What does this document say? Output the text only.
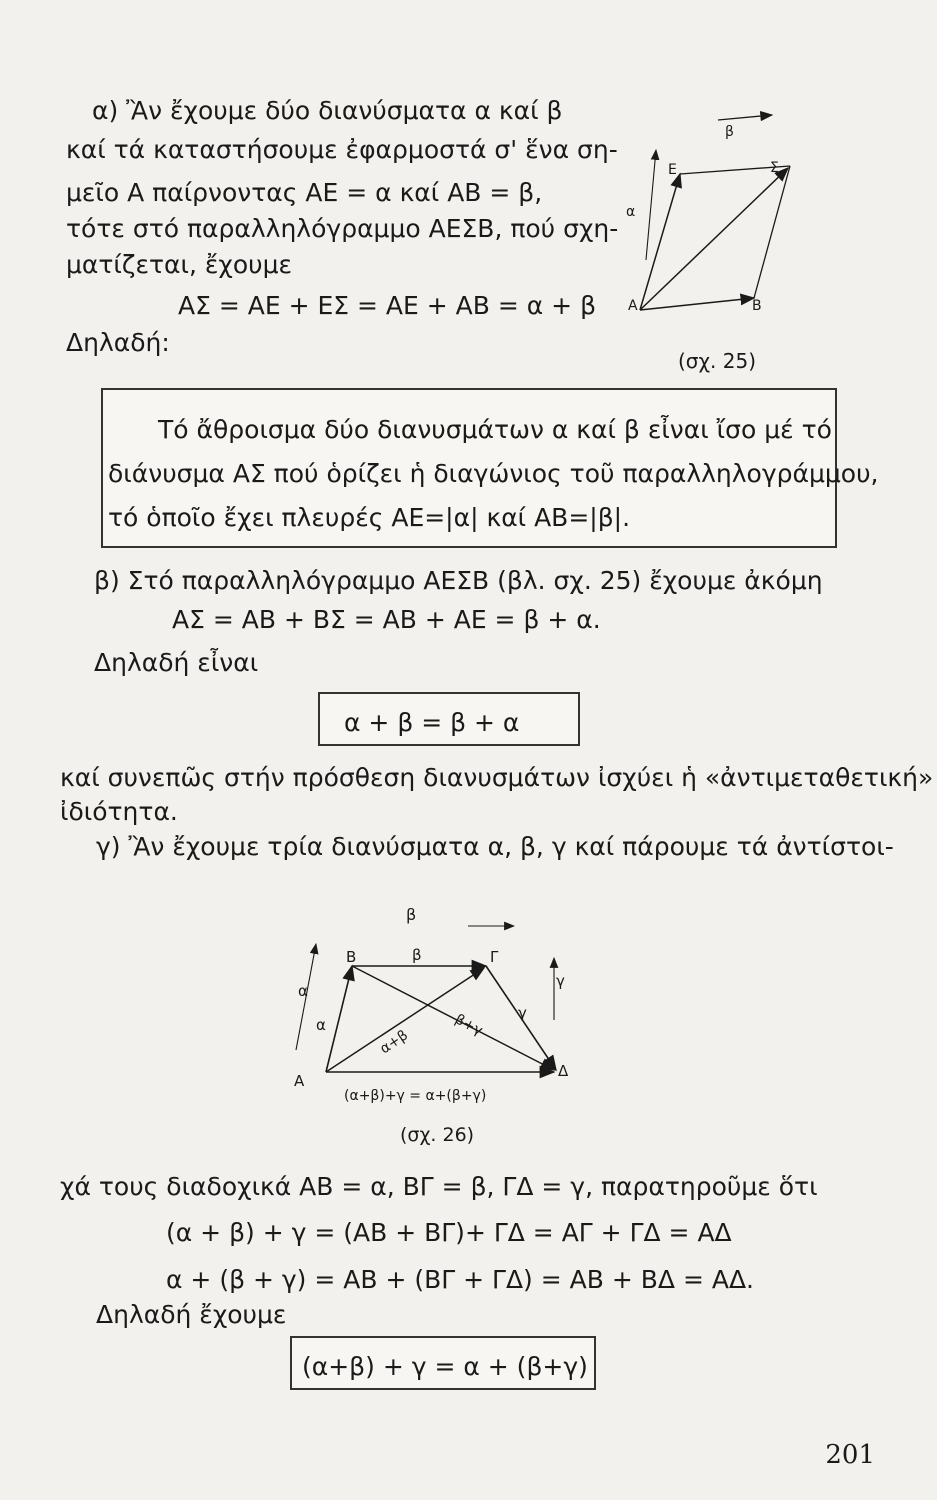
α) Ἂν ἔχουμε δύο διανύσματα α καί β
καί τά καταστήσουμε ἐφαρμοστά σ' ἕνα ση-
μεῖο Α παίρνοντας ΑΕ = α καί ΑΒ = β,
τότε στό παραλληλόγραμμο ΑΕΣΒ, πού σχη-
ματίζεται, ἔχουμε
ΑΣ = ΑΕ + ΕΣ = ΑΕ + ΑΒ = α + β
Δηλαδή:
β
Ε	Σ
α
Α	Β
(σχ. 25)
Τό ἄθροισμα δύο διανυσμάτων α καί β εἶναι ἴσο μέ τό
διάνυσμα ΑΣ πού ὁρίζει ἡ διαγώνιος τοῦ παραλληλογράμμου,
τό ὁποῖο ἔχει πλευρές ΑΕ=|α| καί ΑΒ=|β|.
β) Στό παραλληλόγραμμο ΑΕΣΒ (βλ. σχ. 25) ἔχουμε ἀκόμη
ΑΣ = ΑΒ + ΒΣ = ΑΒ + ΑΕ = β + α.
Δηλαδή εἶναι
α + β = β + α
καί συνεπῶς στήν πρόσθεση διανυσμάτων ἰσχύει ἡ «ἀντιμεταθετική»
ἰδιότητα.
γ) Ἂν ἔχουμε τρία διανύσματα α, β, γ καί πάρουμε τά ἀντίστοι-
β
Β	β	Γ
α
α
γ
γ
β+γ
α+β
Α
Δ
(α+β)+γ = α+(β+γ)
(σχ. 26)
χά τους διαδοχικά ΑΒ = α, ΒΓ = β, ΓΔ = γ, παρατηροῦμε ὅτι
(α + β) + γ = (ΑΒ + ΒΓ)+ ΓΔ = ΑΓ + ΓΔ = ΑΔ
α + (β + γ) = ΑΒ + (ΒΓ + ΓΔ) = ΑΒ + ΒΔ = ΑΔ.
Δηλαδή ἔχουμε
(α+β) + γ = α + (β+γ)
201
